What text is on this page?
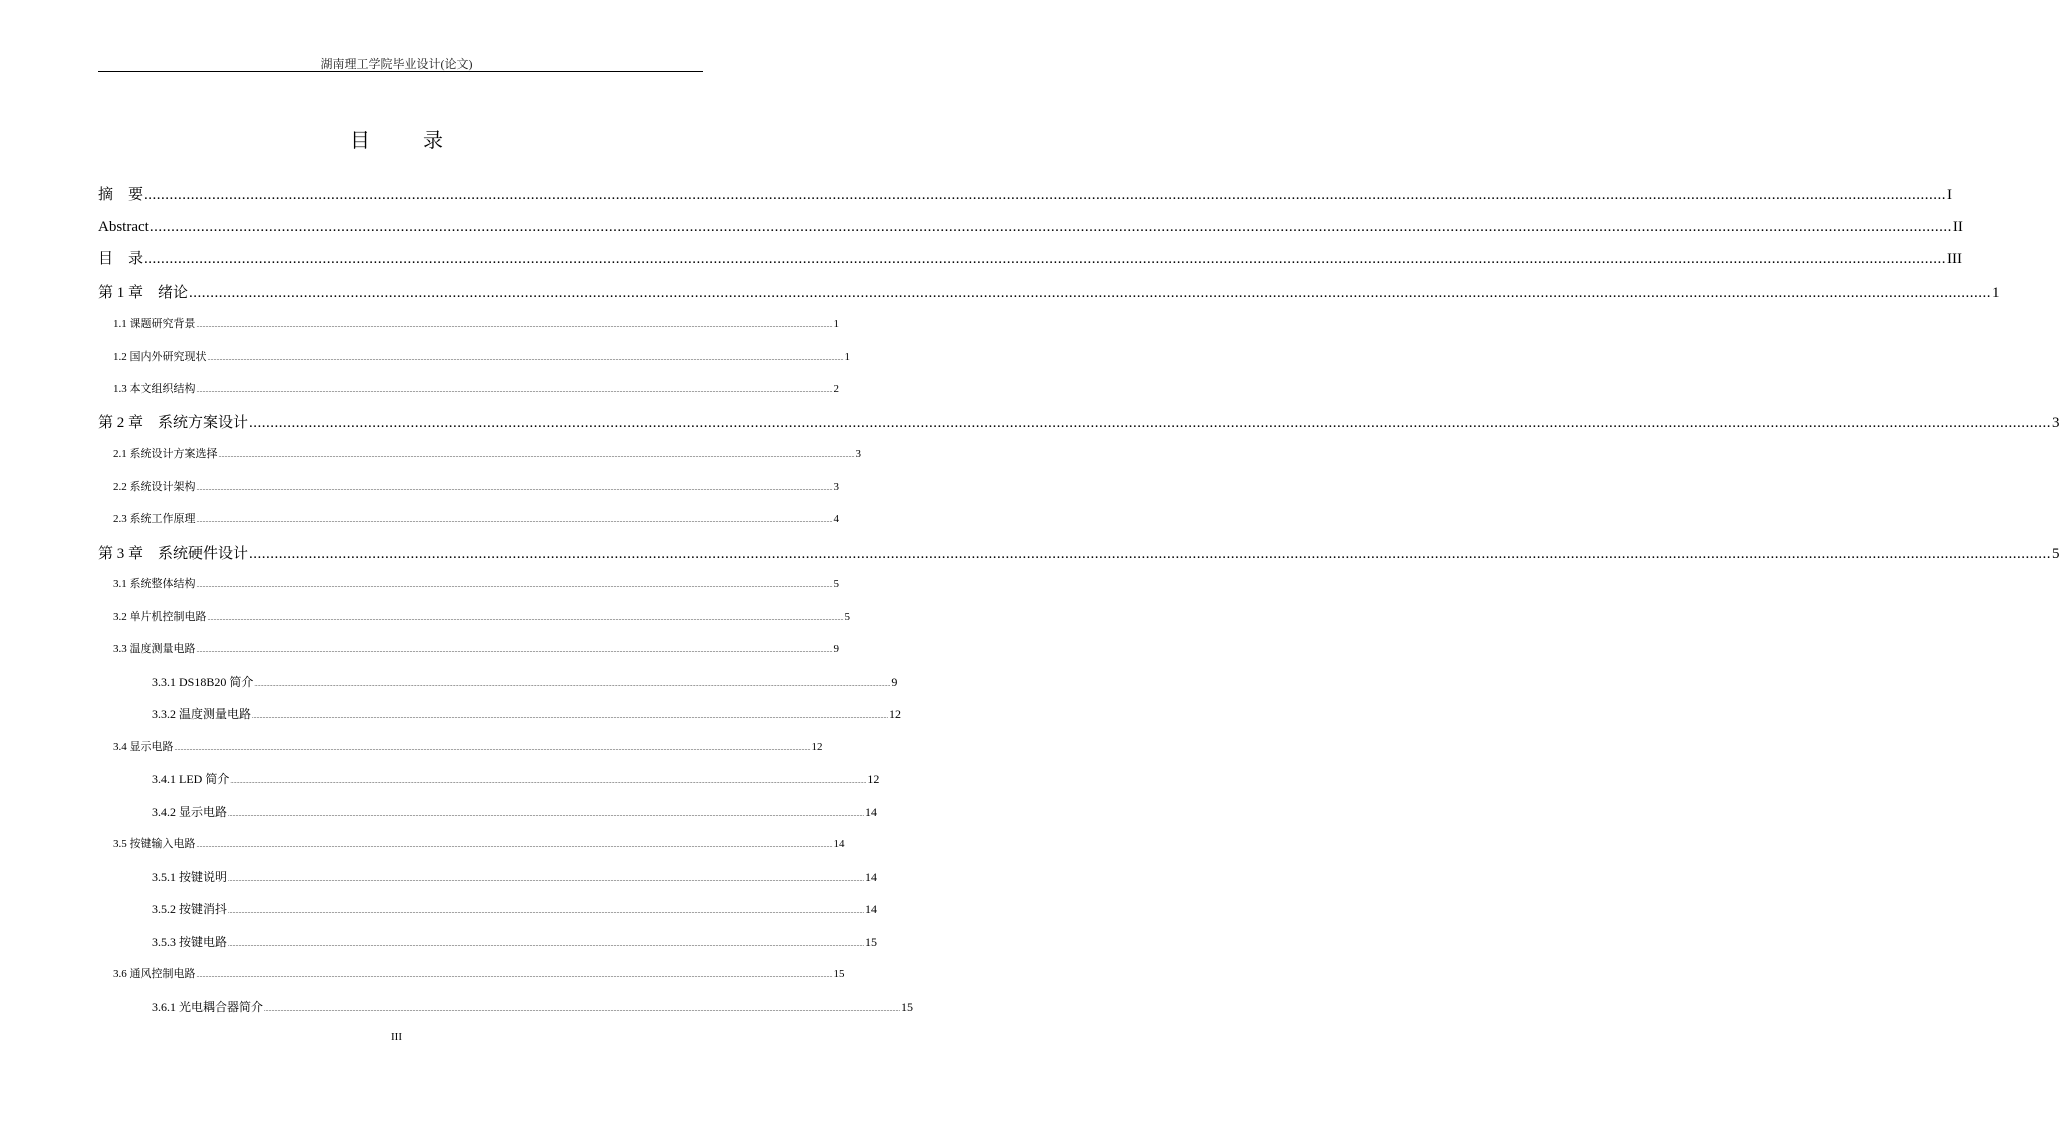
湖南理工学院毕业设计(论文)
目 录
摘　要 ........................................................................................................................................................................................................................................................................................................................................................................................................................................ I
Abstract ........................................................................................................................................................................................................................................................................................................................................................................................................................................ II
目　录 ........................................................................................................................................................................................................................................................................................................................................................................................................................................ III
第 1 章　绪论 ........................................................................................................................................................................................................................................................................................................................................................................................................................................ 1
1.1 课题研究背景 ........................................................................................................................................................................................................................................................................................................................................................................................................................................ 1
1.2 国内外研究现状 ........................................................................................................................................................................................................................................................................................................................................................................................................................................ 1
1.3 本文组织结构 ........................................................................................................................................................................................................................................................................................................................................................................................................................................ 2
第 2 章　系统方案设计 ........................................................................................................................................................................................................................................................................................................................................................................................................................................ 3
2.1 系统设计方案选择 ........................................................................................................................................................................................................................................................................................................................................................................................................................................ 3
2.2 系统设计架构 ........................................................................................................................................................................................................................................................................................................................................................................................................................................ 3
2.3 系统工作原理 ........................................................................................................................................................................................................................................................................................................................................................................................................................................ 4
第 3 章　系统硬件设计 ........................................................................................................................................................................................................................................................................................................................................................................................................................................ 5
3.1 系统整体结构 ........................................................................................................................................................................................................................................................................................................................................................................................................................................ 5
3.2 单片机控制电路 ........................................................................................................................................................................................................................................................................................................................................................................................................................................ 5
3.3 温度测量电路 ........................................................................................................................................................................................................................................................................................................................................................................................................................................ 9
3.3.1 DS18B20 简介 ........................................................................................................................................................................................................................................................................................................................................................................................................................................ 9
3.3.2 温度测量电路 ........................................................................................................................................................................................................................................................................................................................................................................................................................................ 12
3.4 显示电路 ........................................................................................................................................................................................................................................................................................................................................................................................................................................ 12
3.4.1 LED 简介 ........................................................................................................................................................................................................................................................................................................................................................................................................................................ 12
3.4.2 显示电路 ........................................................................................................................................................................................................................................................................................................................................................................................................................................ 14
3.5 按键输入电路 ........................................................................................................................................................................................................................................................................................................................................................................................................................................ 14
3.5.1 按键说明 ........................................................................................................................................................................................................................................................................................................................................................................................................................................ 14
3.5.2 按键消抖 ........................................................................................................................................................................................................................................................................................................................................................................................................................................ 14
3.5.3 按键电路 ........................................................................................................................................................................................................................................................................................................................................................................................................................................ 15
3.6 通风控制电路 ........................................................................................................................................................................................................................................................................................................................................................................................................................................ 15
3.6.1 光电耦合器简介 ........................................................................................................................................................................................................................................................................................................................................................................................................................................ 15
III
